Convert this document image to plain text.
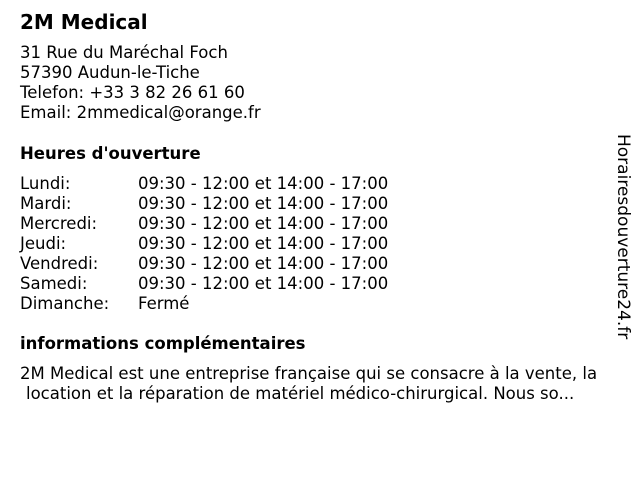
2M Medical
31 Rue du Maréchal Foch
57390 Audun-le-Tiche
Telefon: +33 3 82 26 61 60
Email: 2mmedical@orange.fr
Heures d'ouverture
Lundi:	09:30 - 12:00 et 14:00 - 17:00
Mardi:	09:30 - 12:00 et 14:00 - 17:00
Mercredi:	09:30 - 12:00 et 14:00 - 17:00
Jeudi:	09:30 - 12:00 et 14:00 - 17:00
Vendredi:	09:30 - 12:00 et 14:00 - 17:00
Samedi:	09:30 - 12:00 et 14:00 - 17:00
Dimanche:	Fermé
informations complémentaires
2M Medical est une entreprise française qui se consacre à la vente, la
location et la réparation de matériel médico-chirurgical. Nous so...
Horairesdouverture24.fr
